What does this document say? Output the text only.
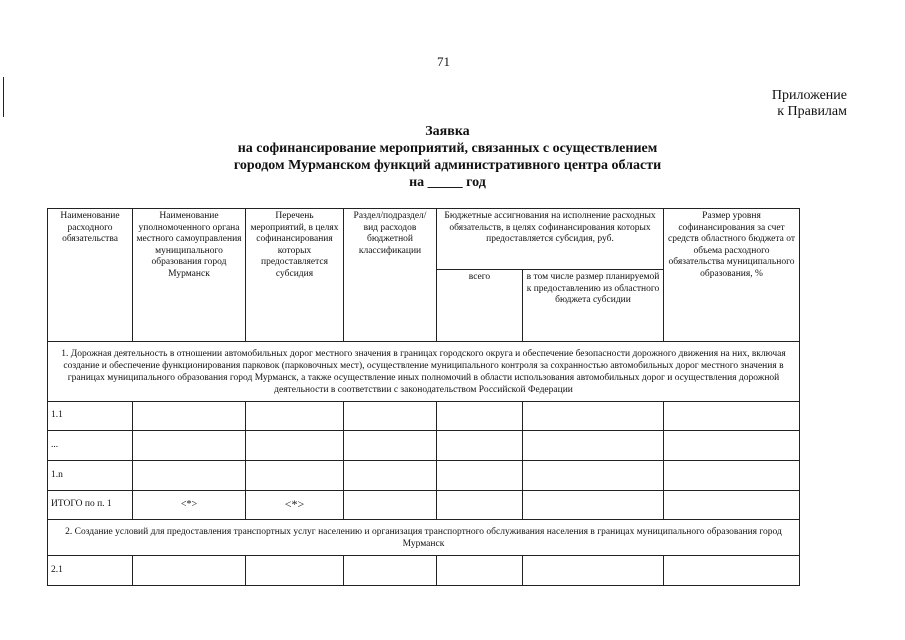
71
Приложение
к Правилам
Заявка
на софинансирование мероприятий, связанных с осуществлением
городом Мурманском функций административного центра области
на _____ год
Наименование расходного обязательства	Наименование уполномоченного органа местного самоуправления муниципального образования город Мурманск	Перечень мероприятий, в целях софинансирования которых предоставляется субсидия	Раздел/подраздел/ вид расходов бюджетной классификации	Бюджетные ассигнования на исполнение расходных обязательств, в целях софинансирования которых предоставляется субсидия, руб.		Размер уровня софинансирования за счет средств областного бюджета от объема расходного обязательства муниципального образования, %
				всего	в том числе размер планируемой к предоставлению из областного бюджета субсидии	
1. Дорожная деятельность в отношении автомобильных дорог местного значения в границах городского округа и обеспечение безопасности дорожного движения на них, включая создание и обеспечение функционирования парковок (парковочных мест), осуществление муниципального контроля за сохранностью автомобильных дорог местного значения в границах муниципального образования город Мурманск, а также осуществление иных полномочий в области использования автомобильных дорог и осуществления дорожной деятельности в соответствии с законодательством Российской Федерации						
1.1						
...						
1.n						
ИТОГО по п. 1	<*>	<*>				
2. Создание условий для предоставления транспортных услуг населению и организация транспортного обслуживания населения в границах муниципального образования город Мурманск						
2.1						
